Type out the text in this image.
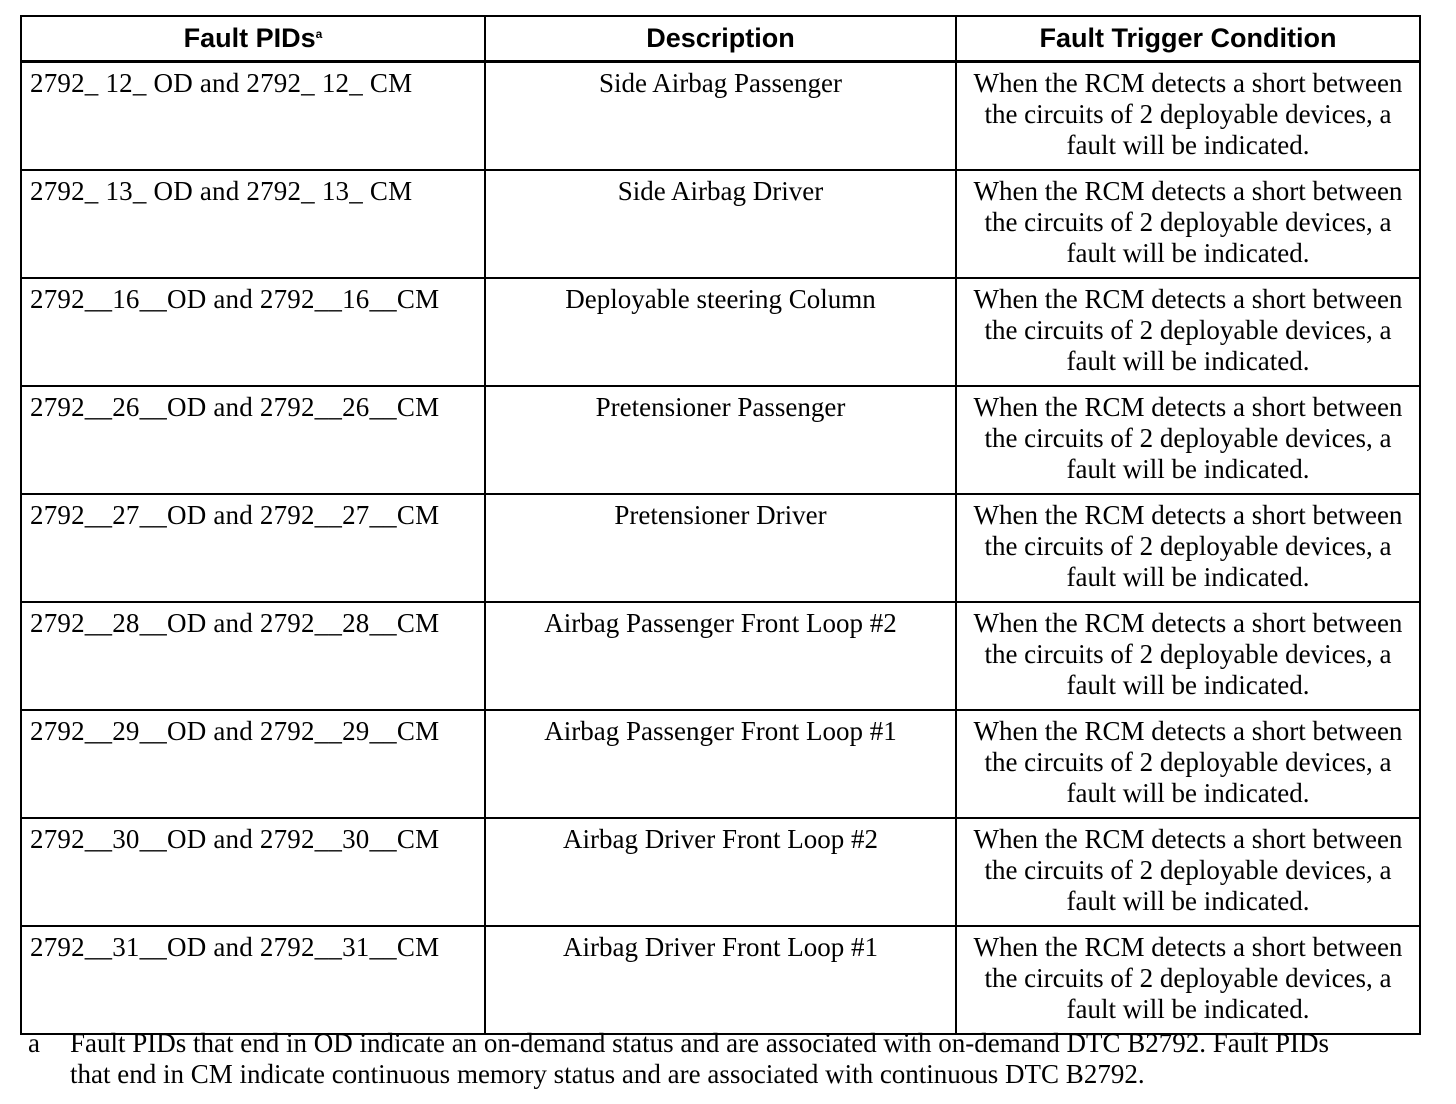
Fault PIDs$^a$	Description	Fault Trigger Condition
2792_ 12_ OD and 2792_ 12_ CM	Side Airbag Passenger	When the RCM detects a short between the circuits of 2 deployable devices, a fault will be indicated.
2792_ 13_ OD and 2792_ 13_ CM	Side Airbag Driver	When the RCM detects a short between the circuits of 2 deployable devices, a fault will be indicated.
2792__16__OD and 2792__16__CM	Deployable steering Column	When the RCM detects a short between the circuits of 2 deployable devices, a fault will be indicated.
2792__26__OD and 2792__26__CM	Pretensioner Passenger	When the RCM detects a short between the circuits of 2 deployable devices, a fault will be indicated.
2792__27__OD and 2792__27__CM	Pretensioner Driver	When the RCM detects a short between the circuits of 2 deployable devices, a fault will be indicated.
2792__28__OD and 2792__28__CM	Airbag Passenger Front Loop #2	When the RCM detects a short between the circuits of 2 deployable devices, a fault will be indicated.
2792__29__OD and 2792__29__CM	Airbag Passenger Front Loop #1	When the RCM detects a short between the circuits of 2 deployable devices, a fault will be indicated.
2792__30__OD and 2792__30__CM	Airbag Driver Front Loop #2	When the RCM detects a short between the circuits of 2 deployable devices, a fault will be indicated.
2792__31__OD and 2792__31__CM	Airbag Driver Front Loop #1	When the RCM detects a short between the circuits of 2 deployable devices, a fault will be indicated.
a	Fault PIDs that end in OD indicate an on-demand status and are associated with on-demand DTC B2792. Fault PIDs that end in CM indicate continuous memory status and are associated with continuous DTC B2792.
